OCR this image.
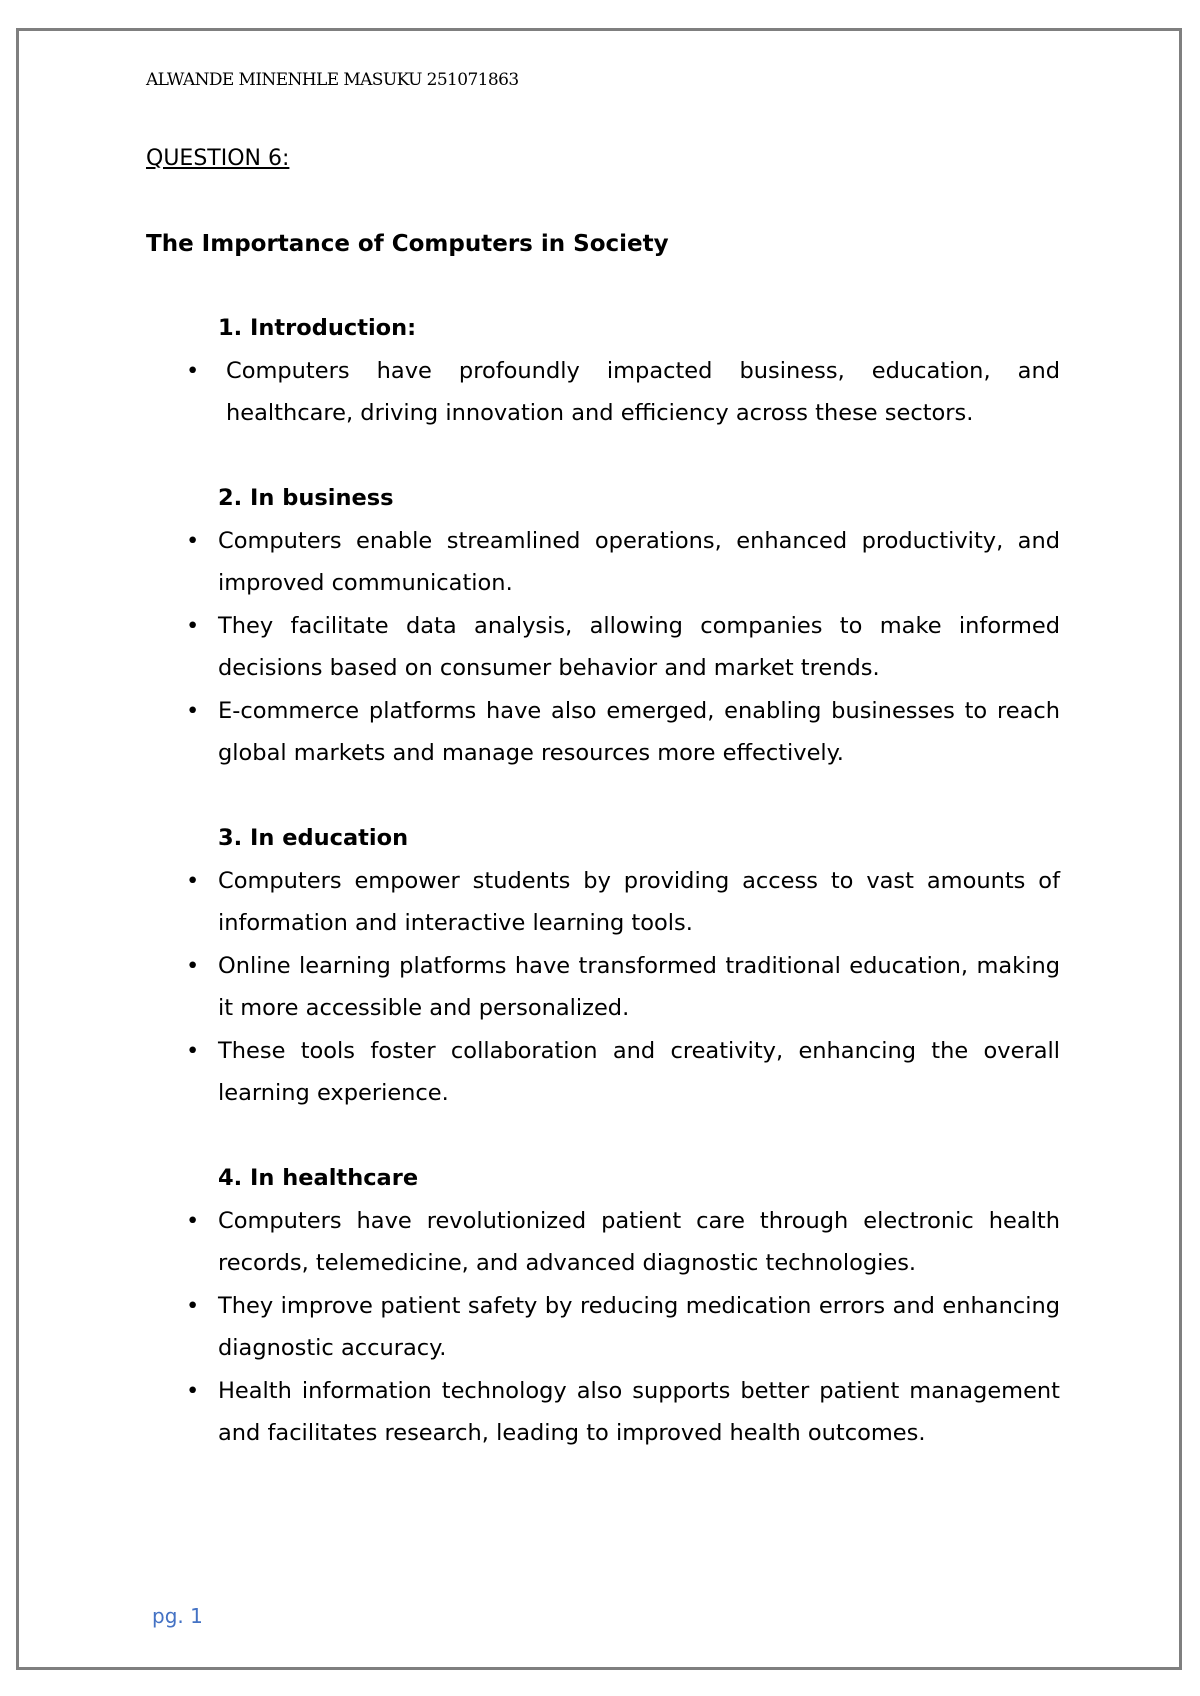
ALWANDE MINENHLE MASUKU 251071863
QUESTION 6:
The Importance of Computers in Society
1. Introduction:
• Computers have profoundly impacted business, education, and healthcare, driving innovation and efficiency across these sectors.
2. In business
• Computers enable streamlined operations, enhanced productivity, and improved communication.
• They facilitate data analysis, allowing companies to make informed decisions based on consumer behavior and market trends.
• E-commerce platforms have also emerged, enabling businesses to reach global markets and manage resources more effectively.
3. In education
• Computers empower students by providing access to vast amounts of information and interactive learning tools.
• Online learning platforms have transformed traditional education, making it more accessible and personalized.
• These tools foster collaboration and creativity, enhancing the overall learning experience.
4. In healthcare
• Computers have revolutionized patient care through electronic health records, telemedicine, and advanced diagnostic technologies.
• They improve patient safety by reducing medication errors and enhancing diagnostic accuracy.
• Health information technology also supports better patient management and facilitates research, leading to improved health outcomes.
pg. 1
